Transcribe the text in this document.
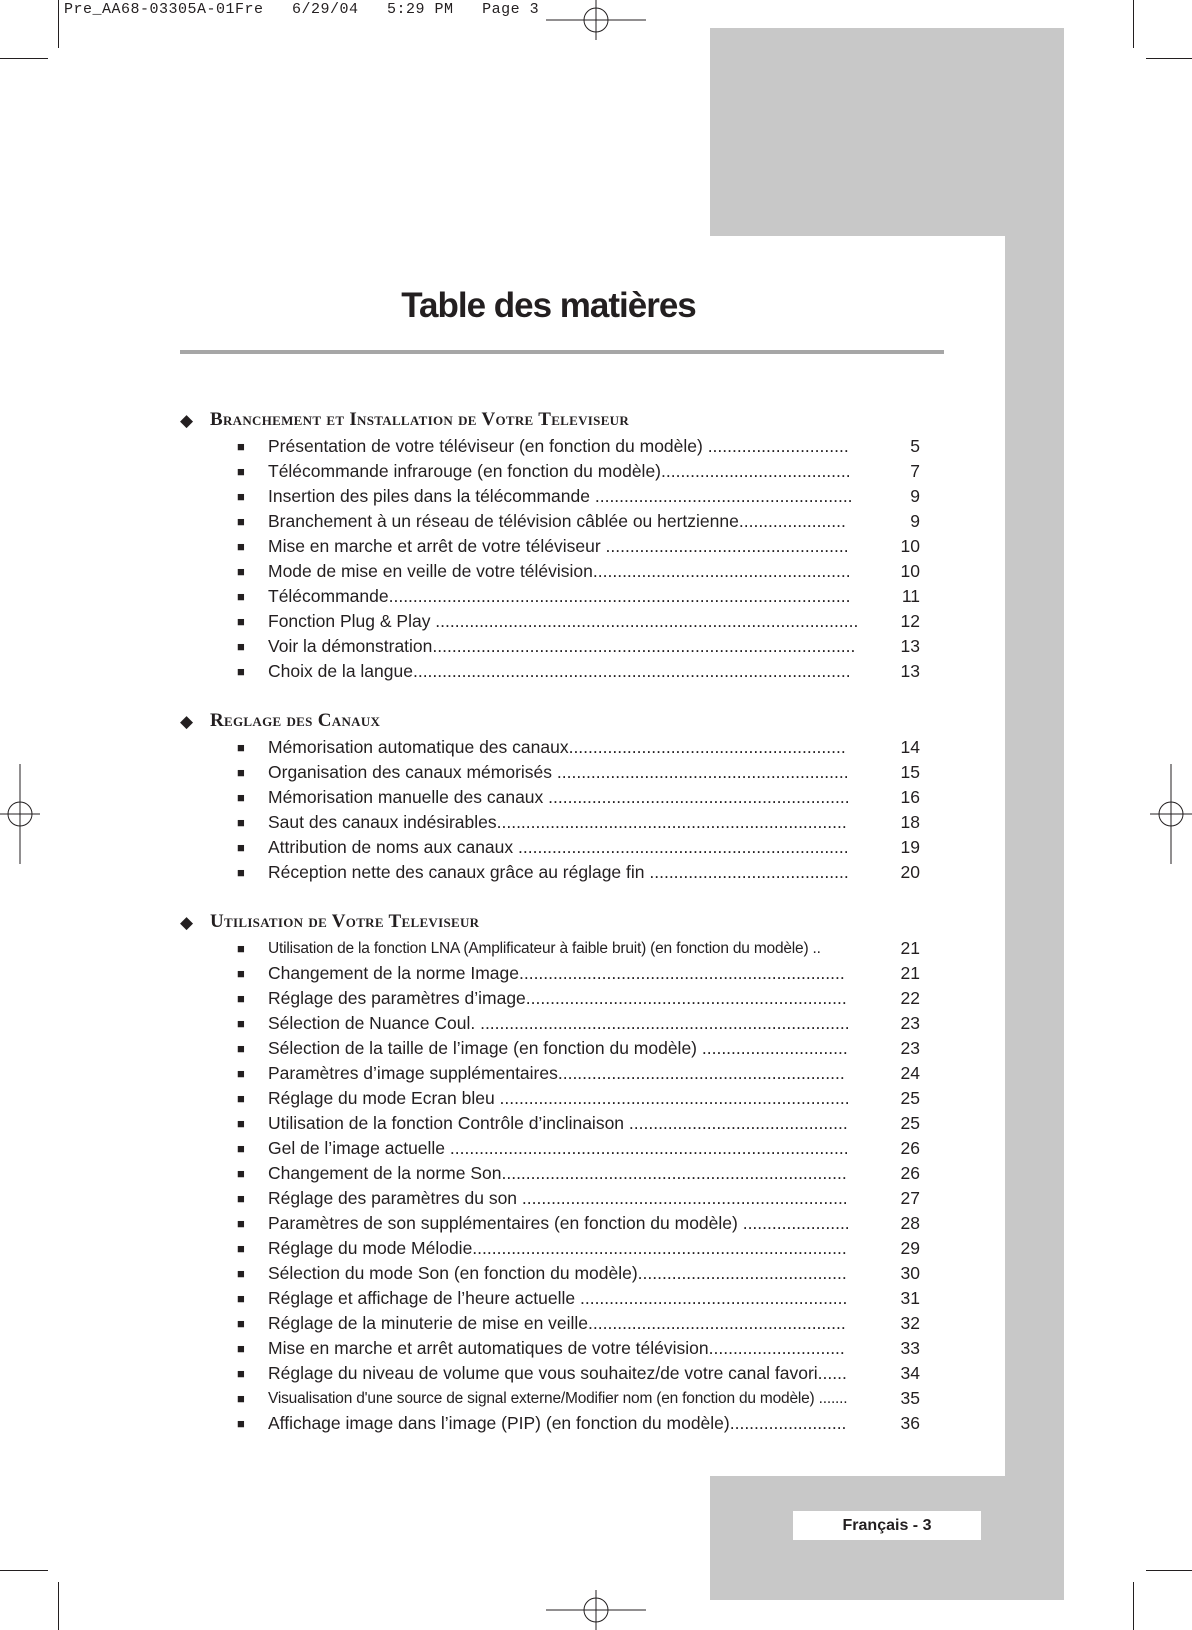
Pre_AA68-03305A-01Fre   6/29/04   5:29 PM   Page 3
Français - 3
Table des matières
◆ Branchement et Installation de Votre Televiseur
■	Présentation de votre téléviseur (en fonction du modèle) .............................	5
■	Télécommande infrarouge (en fonction du modèle).......................................	7
■	Insertion des piles dans la télécommande .....................................................	9
■	Branchement à un réseau de télévision câblée ou hertzienne......................	9
■	Mise en marche et arrêt de votre téléviseur ..................................................	10
■	Mode de mise en veille de votre télévision.....................................................	10
■	Télécommande...............................................................................................	11
■	Fonction Plug & Play .......................................................................................	12
■	Voir la démonstration.......................................................................................	13
■	Choix de la langue..........................................................................................	13
◆ Reglage des Canaux
■	Mémorisation automatique des canaux.........................................................	14
■	Organisation des canaux mémorisés ............................................................	15
■	Mémorisation manuelle des canaux ..............................................................	16
■	Saut des canaux indésirables........................................................................	18
■	Attribution de noms aux canaux ....................................................................	19
■	Réception nette des canaux grâce au réglage fin .........................................	20
◆ Utilisation de Votre Televiseur
■	Utilisation de la fonction LNA (Amplificateur à faible bruit) (en fonction du modèle) ..	21
■	Changement de la norme Image...................................................................	21
■	Réglage des paramètres d’image..................................................................	22
■	Sélection de Nuance Coul. ............................................................................	23
■	Sélection de la taille de l’image (en fonction du modèle) ..............................	23
■	Paramètres d’image supplémentaires...........................................................	24
■	Réglage du mode Ecran bleu ........................................................................	25
■	Utilisation de la fonction Contrôle d’inclinaison .............................................	25
■	Gel de l’image actuelle ..................................................................................	26
■	Changement de la norme Son.......................................................................	26
■	Réglage des paramètres du son ...................................................................	27
■	Paramètres de son supplémentaires (en fonction du modèle) ......................	28
■	Réglage du mode Mélodie.............................................................................	29
■	Sélection du mode Son (en fonction du modèle)...........................................	30
■	Réglage et affichage de l’heure actuelle .......................................................	31
■	Réglage de la minuterie de mise en veille.....................................................	32
■	Mise en marche et arrêt automatiques de votre télévision............................	33
■	Réglage du niveau de volume que vous souhaitez/de votre canal favori......	34
■	Visualisation d'une source de signal externe/Modifier nom (en fonction du modèle) .......	35
■	Affichage image dans l’image (PIP) (en fonction du modèle)........................	36
